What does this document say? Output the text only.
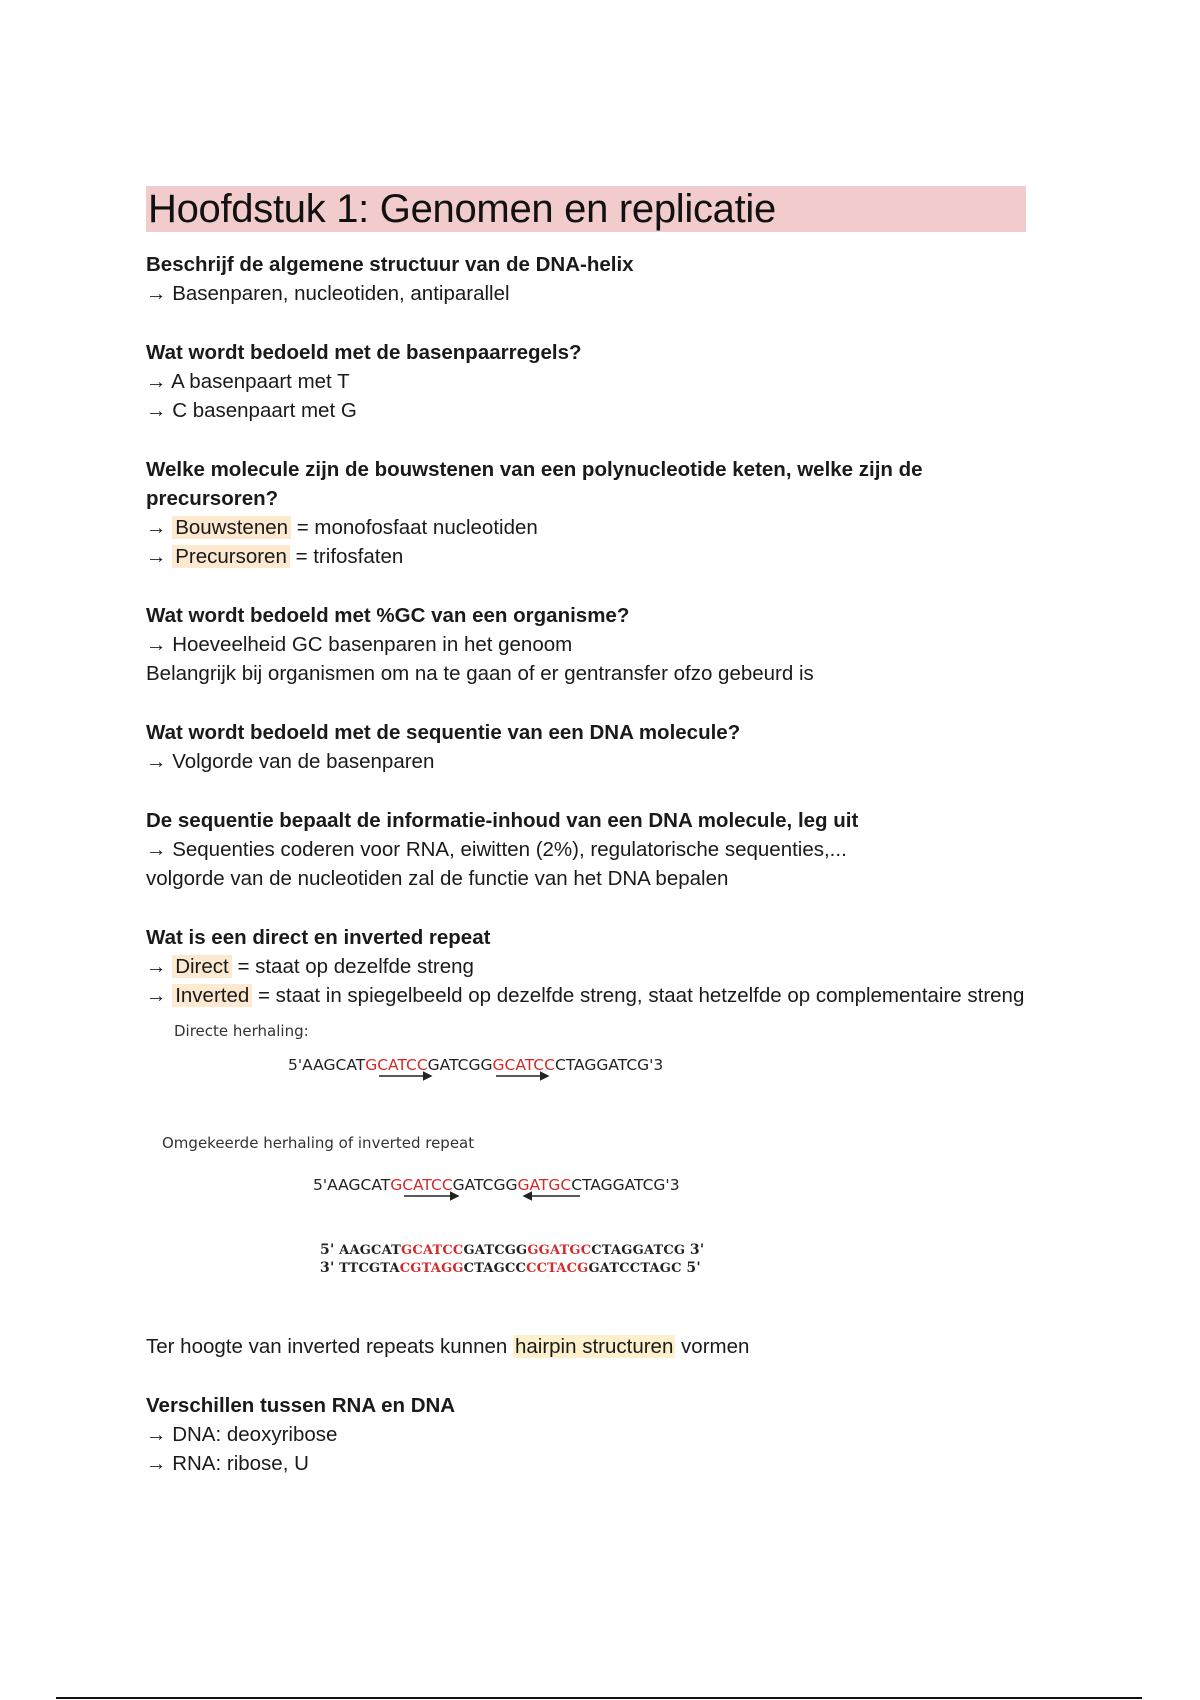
Hoofdstuk 1: Genomen en replicatie
Beschrijf de algemene structuur van de DNA-helix
→ Basenparen, nucleotiden, antiparallel
Wat wordt bedoeld met de basenpaarregels?
→ A basenpaart met T
→ C basenpaart met G
Welke molecule zijn de bouwstenen van een polynucleotide keten, welke zijn de precursoren?
→ Bouwstenen = monofosfaat nucleotiden
→ Precursoren = trifosfaten
Wat wordt bedoeld met %GC van een organisme?
→ Hoeveelheid GC basenparen in het genoom
Belangrijk bij organismen om na te gaan of er gentransfer ofzo gebeurd is
Wat wordt bedoeld met de sequentie van een DNA molecule?
→ Volgorde van de basenparen
De sequentie bepaalt de informatie-inhoud van een DNA molecule, leg uit
→ Sequenties coderen voor RNA, eiwitten (2%), regulatorische sequenties,...
volgorde van de nucleotiden zal de functie van het DNA bepalen
Wat is een direct en inverted repeat
→ Direct = staat op dezelfde streng
→ Inverted = staat in spiegelbeeld op dezelfde streng, staat hetzelfde op complementaire streng
Directe herhaling:
5'AAGCATGCATCCGATCGGGCATCCCTAGGATCG'3
Omgekeerde herhaling of inverted repeat
5'AAGCATGCATCCGATCGGGATGCCTAGGATCG'3
5' AAGCATGCATCCGATCGGGGATGCCTAGGATCG 3'
3' TTCGTACGTAGGCTAGCCCCTACGGATCCTAGC 5'
Ter hoogte van inverted repeats kunnen hairpin structuren vormen
Verschillen tussen RNA en DNA
→ DNA: deoxyribose
→ RNA: ribose, U
